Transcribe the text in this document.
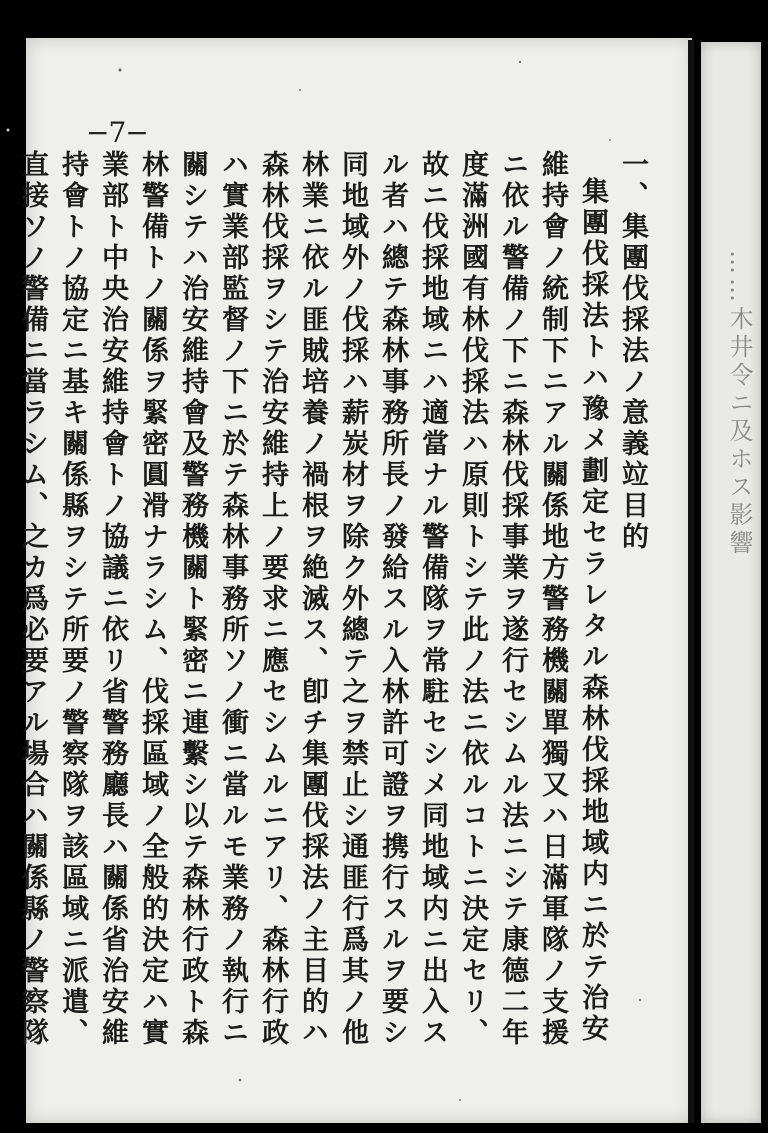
−7−
一、集團伐採法ノ意義竝目的
集團伐採法トハ豫メ劃定セラレタル森林伐採地域内ニ於テ治安維持會ノ統制下ニアル關係地方警務機關單獨又ハ日滿軍隊ノ支援ニ依ル警備ノ下ニ森林伐採事業ヲ遂行セシムル法ニシテ康德二年度滿洲國有林伐採法ハ原則トシテ此ノ法ニ依ルコトニ決定セリ、故ニ伐採地域ニハ適當ナル警備隊ヲ常駐セシメ同地域内ニ出入スル者ハ總テ森林事務所長ノ發給スル入林許可證ヲ携行スルヲ要シ同地域外ノ伐採ハ薪炭材ヲ除ク外總テ之ヲ禁止シ通匪行爲其ノ他林業ニ依ル匪賊培養ノ禍根ヲ絶滅ス、卽チ集團伐採法ノ主目的ハ森林伐採ヲシテ治安維持上ノ要求ニ應セシムルニアリ、森林行政ハ實業部監督ノ下ニ於テ森林事務所ソノ衝ニ當ルモ業務ノ執行ニ關シテハ治安維持會及警務機關ト緊密ニ連繫シ以テ森林行政ト森林警備トノ關係ヲ緊密圓滑ナラシム、伐採區域ノ全般的決定ハ實業部ト中央治安維持會トノ協議ニ依リ省警務廳長ハ關係省治安維持會トノ協定ニ基キ關係縣ヲシテ所要ノ警察隊ヲ該區域ニ派遣、直接ソノ警備ニ當ラシム、之カ爲必要アル場合ハ關係縣ノ警察隊	……木井令ニ及ホス影響
